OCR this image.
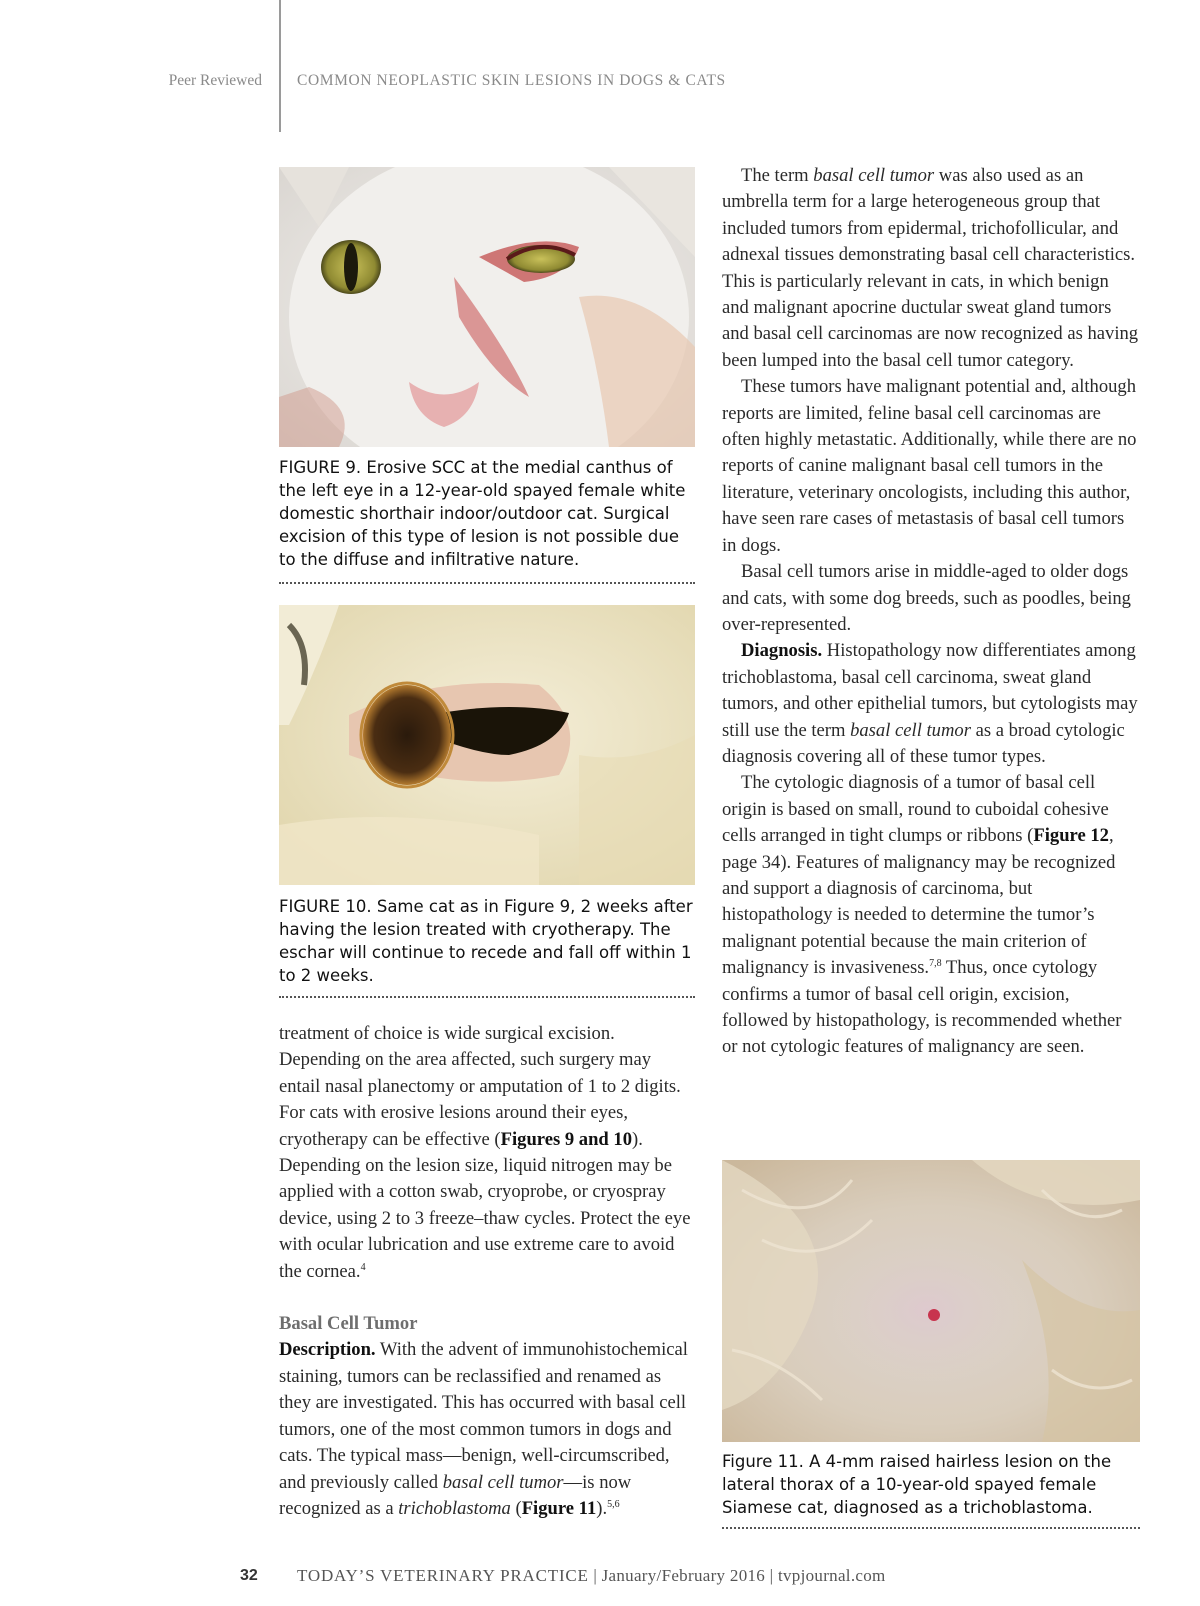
Peer Reviewed COMMON NEOPLASTIC SKIN LESIONS IN DOGS & CATS
FIGURE 9. Erosive SCC at the medial canthus of the left eye in a 12-year-old spayed female white domestic shorthair indoor/outdoor cat. Surgical excision of this type of lesion is not possible due to the diffuse and infiltrative nature.
FIGURE 10. Same cat as in Figure 9, 2 weeks after having the lesion treated with cryotherapy. The eschar will continue to recede and fall off within 1 to 2 weeks.

treatment of choice is wide surgical excision. Depending on the area affected, such surgery may entail nasal planectomy or amputation of 1 to 2 digits. For cats with erosive lesions around their eyes, cryotherapy can be effective (Figures 9 and 10). Depending on the lesion size, liquid nitrogen may be applied with a cotton swab, cryoprobe, or cryospray device, using 2 to 3 freeze–thaw cycles. Protect the eye with ocular lubrication and use extreme care to avoid the cornea.$^4$

Basal Cell Tumor

Description. With the advent of immunohistochemical staining, tumors can be reclassified and renamed as they are investigated. This has occurred with basal cell tumors, one of the most common tumors in dogs and cats. The typical mass—benign, well-circumscribed, and previously called basal cell tumor—is now recognized as a trichoblastoma (Figure 11).$^{5,6}$

The term basal cell tumor was also used as an umbrella term for a large heterogeneous group that included tumors from epidermal, trichofollicular, and adnexal tissues demonstrating basal cell characteristics. This is particularly relevant in cats, in which benign and malignant apocrine ductular sweat gland tumors and basal cell carcinomas are now recognized as having been lumped into the basal cell tumor category.

These tumors have malignant potential and, although reports are limited, feline basal cell carcinomas are often highly metastatic. Additionally, while there are no reports of canine malignant basal cell tumors in the literature, veterinary oncologists, including this author, have seen rare cases of metastasis of basal cell tumors in dogs.

Basal cell tumors arise in middle-aged to older dogs and cats, with some dog breeds, such as poodles, being over-represented.

Diagnosis. Histopathology now differentiates among trichoblastoma, basal cell carcinoma, sweat gland tumors, and other epithelial tumors, but cytologists may still use the term basal cell tumor as a broad cytologic diagnosis covering all of these tumor types.

The cytologic diagnosis of a tumor of basal cell origin is based on small, round to cuboidal cohesive cells arranged in tight clumps or ribbons (Figure 12, page 34). Features of malignancy may be recognized and support a diagnosis of carcinoma, but histopathology is needed to determine the tumor’s malignant potential because the main criterion of malignancy is invasiveness.$^{7,8}$ Thus, once cytology confirms a tumor of basal cell origin, excision, followed by histopathology, is recommended whether or not cytologic features of malignancy are seen.

Figure 11. A 4-mm raised hairless lesion on the lateral thorax of a 10-year-old spayed female Siamese cat, diagnosed as a trichoblastoma.
32 TODAY’S VETERINARY PRACTICE | January/February 2016 | tvpjournal.com
